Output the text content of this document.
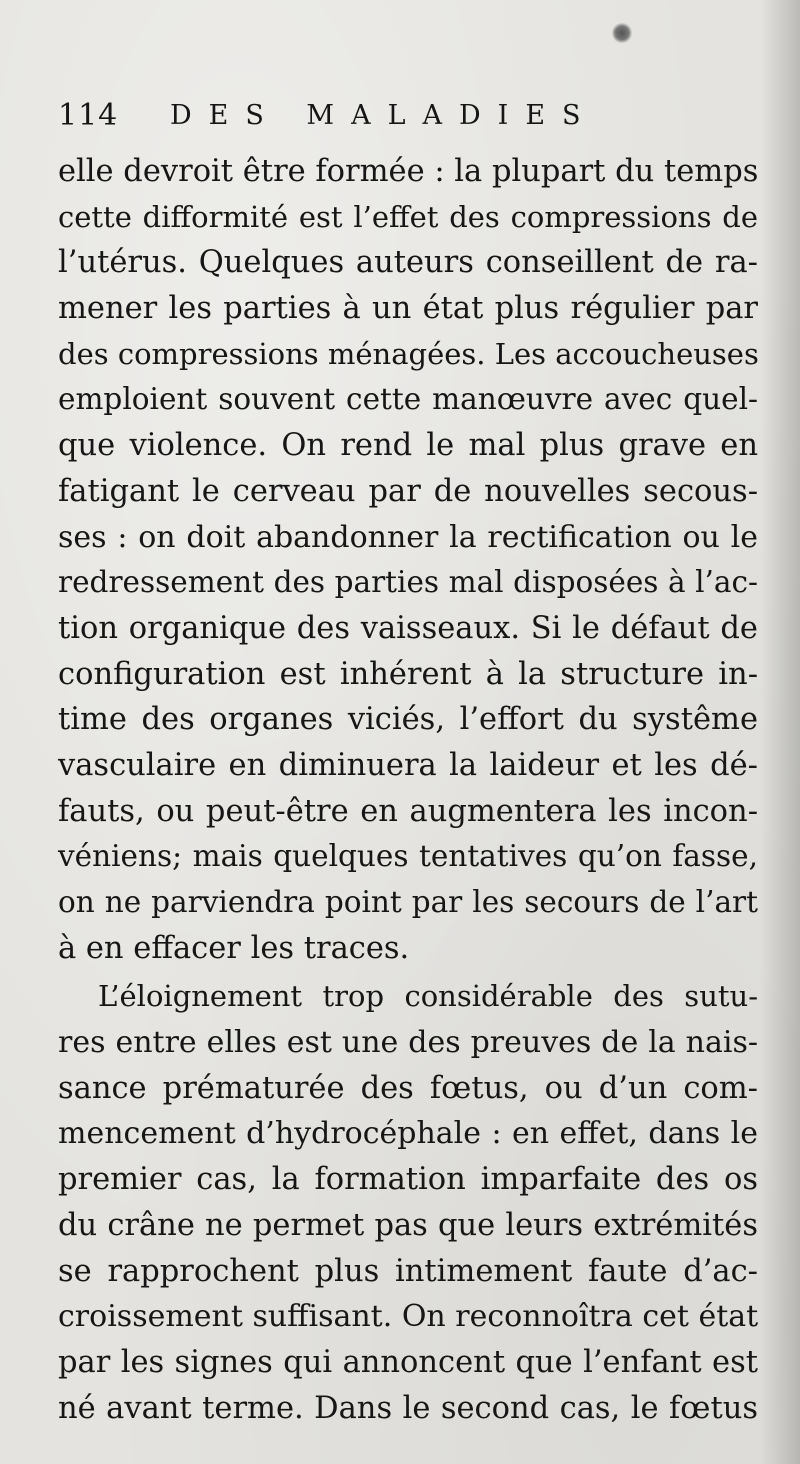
114 DES MALADIES
elle devroit être formée : la plupart du temps
cette difformité est l’effet des compressions de
l’utérus. Quelques auteurs conseillent de ra-
mener les parties à un état plus régulier par
des compressions ménagées. Les accoucheuses
emploient souvent cette manœuvre avec quel-
que violence. On rend le mal plus grave en
fatigant le cerveau par de nouvelles secous-
ses : on doit abandonner la rectification ou le
redressement des parties mal disposées à l’ac-
tion organique des vaisseaux. Si le défaut de
configuration est inhérent à la structure in-
time des organes viciés, l’effort du systême
vasculaire en diminuera la laideur et les dé-
fauts, ou peut-être en augmentera les incon-
véniens; mais quelques tentatives qu’on fasse,
on ne parviendra point par les secours de l’art
à en effacer les traces.
L’éloignement trop considérable des sutu-
res entre elles est une des preuves de la nais-
sance prématurée des fœtus, ou d’un com-
mencement d’hydrocéphale : en effet, dans le
premier cas, la formation imparfaite des os
du crâne ne permet pas que leurs extrémités
se rapprochent plus intimement faute d’ac-
croissement suffisant. On reconnoîtra cet état
par les signes qui annoncent que l’enfant est
né avant terme. Dans le second cas, le fœtus
